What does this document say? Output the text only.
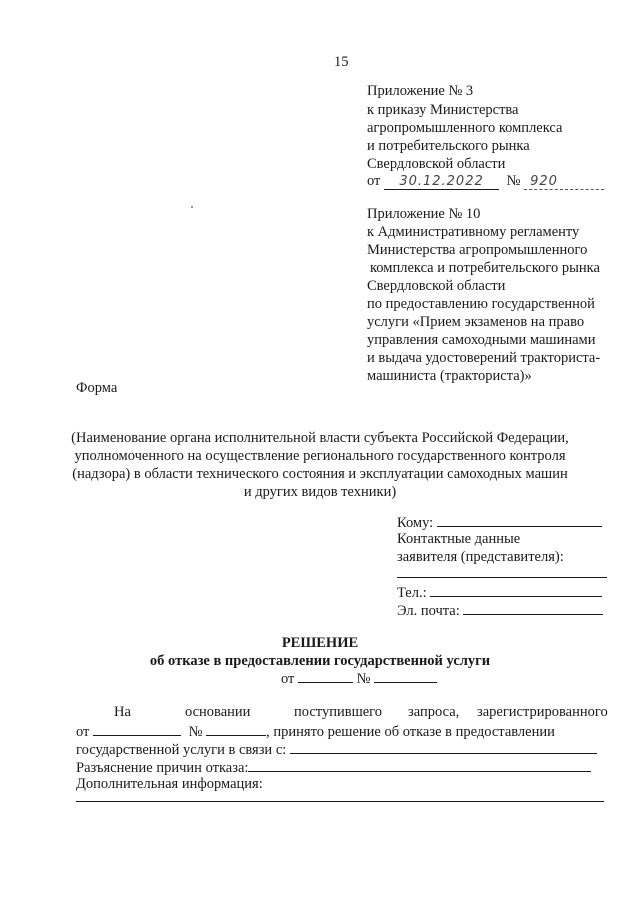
15
Приложение № 3
к приказу Министерства
агропромышленного комплекса
и потребительского рынка
Свердловской области
от 30.12.2022 № 920
Приложение № 10
к Административному регламенту
Министерства агропромышленного
комплекса и потребительского рынка
Свердловской области
по предоставлению государственной
услуги «Прием экзаменов на право
управления самоходными машинами
и выдача удостоверений тракториста-
машиниста (тракториста)»
Форма
(Наименование органа исполнительной власти субъекта Российской Федерации,
уполномоченного на осуществление регионального государственного контроля
(надзора) в области технического состояния и эксплуатации самоходных машин
и других видов техники)
Кому:
Контактные данные
заявителя (представителя):
Тел.:
Эл. почта:
РЕШЕНИЕ
об отказе в предоставлении государственной услуги
от	№
На	основании	поступившего запроса, зарегистрированного
от	№	, принято решение об отказе в предоставлении
государственной услуги в связи с:
Разъяснение причин отказа:
Дополнительная информация:
